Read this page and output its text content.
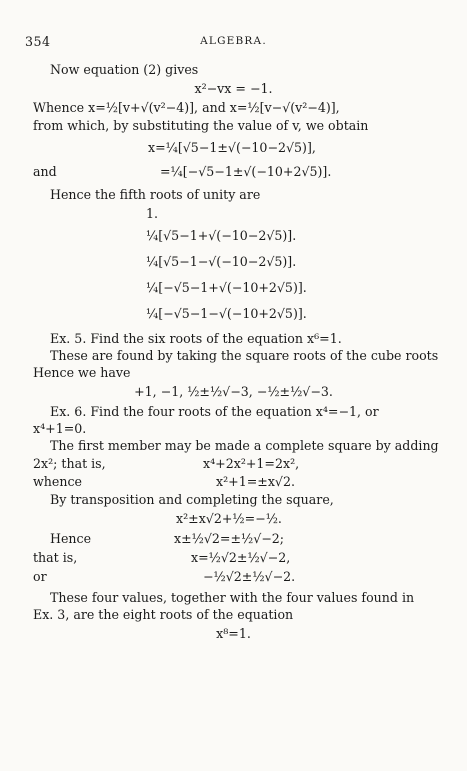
354	ALGEBRA.
Now equation (2) gives
x²−vx = −1.
Whence x=½[v+√(v²−4)], and x=½[v−√(v²−4)],
from which, by substituting the value of v, we obtain
x=¼[√5−1±√(−10−2√5)],
and	=¼[−√5−1±√(−10+2√5)].
Hence the fifth roots of unity are
1.
¼[√5−1+√(−10−2√5)].
¼[√5−1−√(−10−2√5)].
¼[−√5−1+√(−10+2√5)].
¼[−√5−1−√(−10+2√5)].
Ex. 5. Find the six roots of the equation x⁶=1.
These are found by taking the square roots of the cube roots
Hence we have
+1, −1, ½±½√−3, −½±½√−3.
Ex. 6. Find the four roots of the equation x⁴=−1, or
x⁴+1=0.
The first member may be made a complete square by adding
2x²; that is,	x⁴+2x²+1=2x²,
whence	x²+1=±x√2.
By transposition and completing the square,
x²±x√2+½=−½.
Hence	x±½√2=±½√−2;
that is,	x=½√2±½√−2,
or	−½√2±½√−2.
These four values, together with the four values found in
Ex. 3, are the eight roots of the equation
x⁸=1.
